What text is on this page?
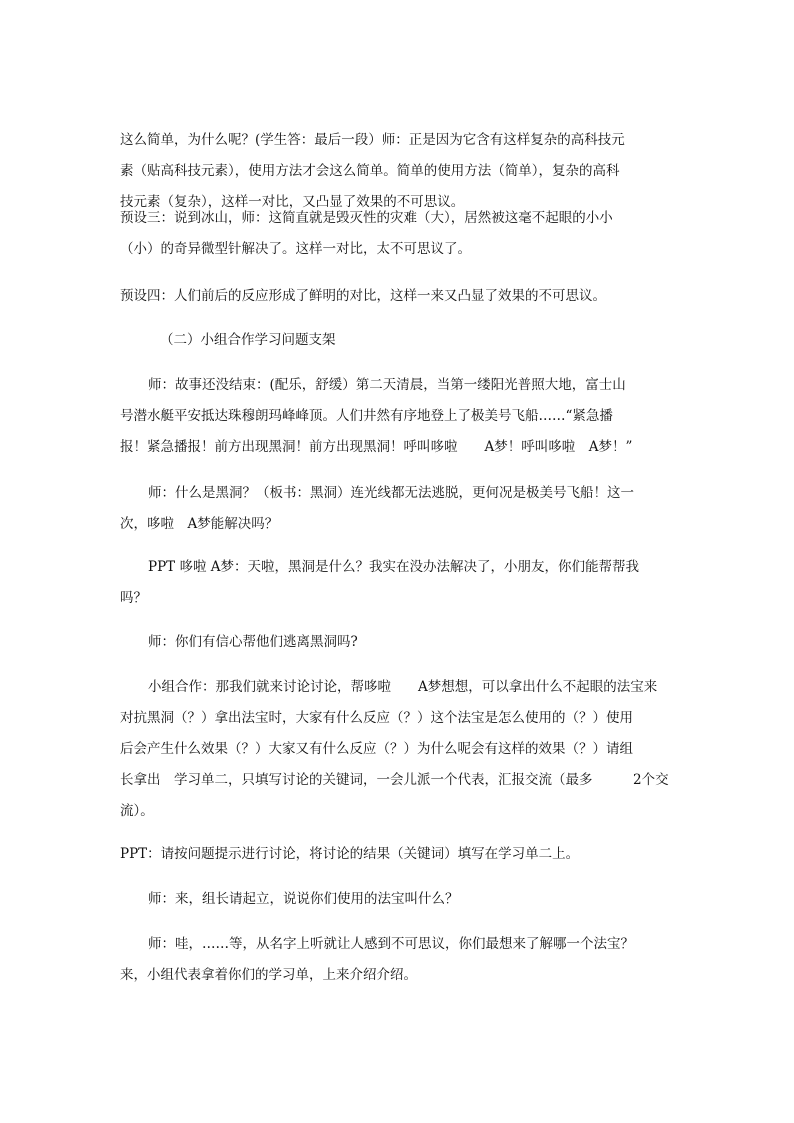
这么简单，为什么呢？(学生答：最后一段）师：正是因为它含有这样复杂的高科技元
素（贴高科技元素），使用方法才会这么简单。简单的使用方法（简单），复杂的高科
技元素（复杂），这样一对比，又凸显了效果的不可思议。
预设三：说到冰山，师：这简直就是毁灭性的灾难（大），居然被这毫不起眼的小小
（小）的奇异微型针解决了。这样一对比，太不可思议了。
预设四：人们前后的反应形成了鲜明的对比，这样一来又凸显了效果的不可思议。
（二）小组合作学习问题支架
师：故事还没结束：(配乐，舒缓）第二天清晨，当第一缕阳光普照大地，富士山
号潜水艇平安抵达珠穆朗玛峰峰顶。人们井然有序地登上了极美号飞船……“紧急播
报！紧急播报！前方出现黑洞！前方出现黑洞！呼叫哆啦　　A梦！呼叫哆啦　A梦！”
师：什么是黑洞？（板书：黑洞）连光线都无法逃脱，更何况是极美号飞船！这一
次，哆啦　A梦能解决吗？
PPT 哆啦 A梦：天啦，黑洞是什么？我实在没办法解决了，小朋友，你们能帮帮我
吗？
师：你们有信心帮他们逃离黑洞吗?
小组合作：那我们就来讨论讨论，帮哆啦　　A梦想想，可以拿出什么不起眼的法宝来
对抗黑洞（？）拿出法宝时，大家有什么反应（？）这个法宝是怎么使用的（？）使用
后会产生什么效果（？）大家又有什么反应（？）为什么呢会有这样的效果（？）请组
长拿出　学习单二，只填写讨论的关键词，一会儿派一个代表，汇报交流（最多　　　2个交
流）。
PPT：请按问题提示进行讨论，将讨论的结果（关键词）填写在学习单二上。
师：来，组长请起立，说说你们使用的法宝叫什么？
师：哇，……等，从名字上听就让人感到不可思议，你们最想来了解哪一个法宝？
来，小组代表拿着你们的学习单，上来介绍介绍。
